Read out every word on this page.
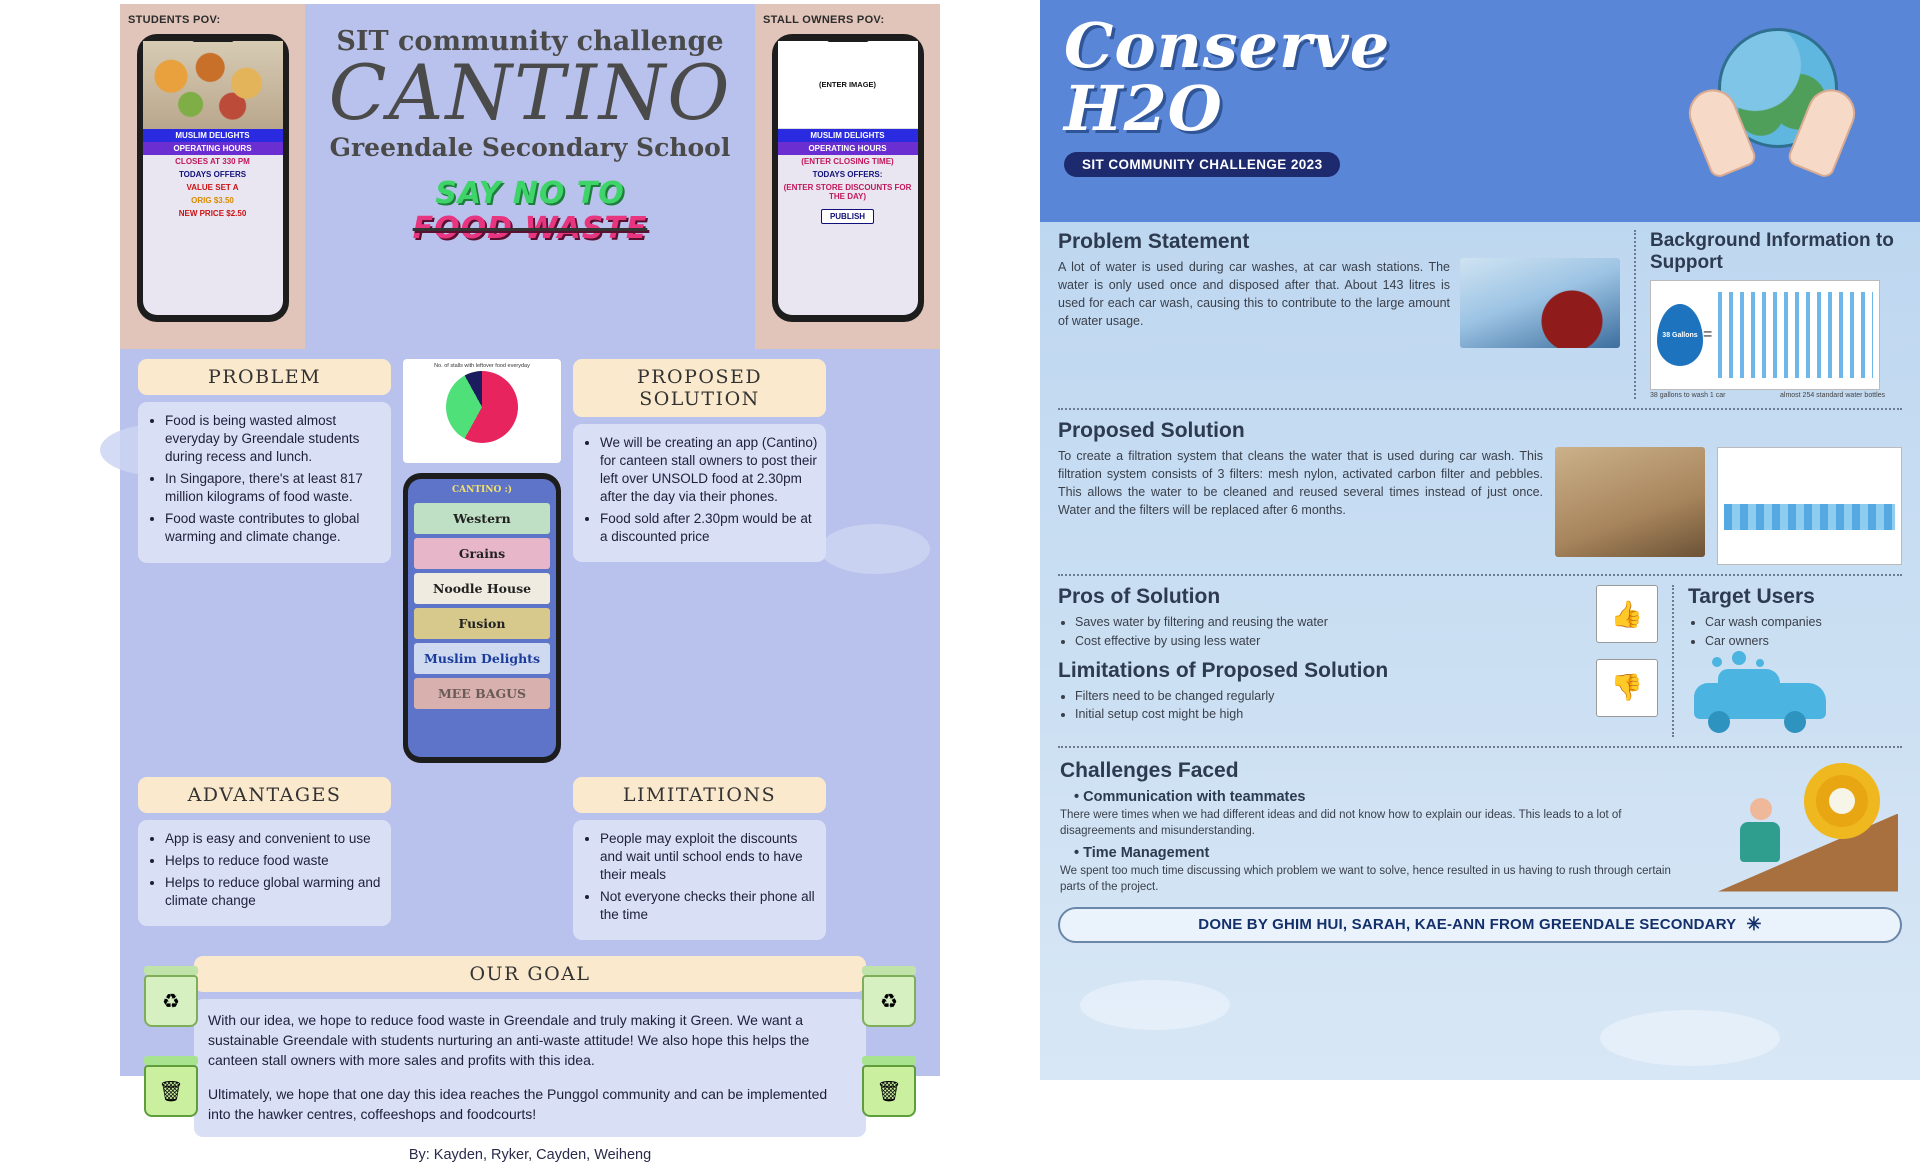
STUDENTS POV:
MUSLIM DELIGHTS
OPERATING HOURS
CLOSES AT 330 PM
TODAYS OFFERS
VALUE SET A
ORIG $3.50
NEW PRICE $2.50
SIT community challenge
CANTINO
Greendale Secondary School
SAY NO TO
FOOD WASTE
STALL OWNERS POV:
(ENTER IMAGE)
MUSLIM DELIGHTS
OPERATING HOURS
(ENTER CLOSING TIME)
TODAYS OFFERS:
(ENTER STORE DISCOUNTS FOR THE DAY)
PUBLISH
PROBLEM
• Food is being wasted almost everyday by Greendale students during recess and lunch.
• In Singapore, there's at least 817 million kilograms of food waste.
• Food waste contributes to global warming and climate change.
No. of stalls with leftover food everyday
CANTINO :)
Western
Grains
Noodle House
Fusion
Muslim Delights
MEE BAGUS
PROPOSED SOLUTION
• We will be creating an app (Cantino) for canteen stall owners to post their left over UNSOLD food at 2.30pm after the day via their phones.
• Food sold after 2.30pm would be at a discounted price
ADVANTAGES
• App is easy and convenient to use
• Helps to reduce food waste
• Helps to reduce global warming and climate change
LIMITATIONS
• People may exploit the discounts and wait until school ends to have their meals
• Not everyone checks their phone all the time
♻
🗑
♻
🗑
OUR GOAL

With our idea, we hope to reduce food waste in Greendale and truly making it Green. We want a sustainable Greendale with students nurturing an anti-waste attitude! We also hope this helps the canteen stall owners with more sales and profits with this idea.

Ultimately, we hope that one day this idea reaches the Punggol community and can be implemented into the hawker centres, coffeeshops and foodcourts!

By: Kayden, Ryker, Cayden, Weiheng
Conserve
H2O
SIT COMMUNITY CHALLENGE 2023
Problem Statement
A lot of water is used during car washes, at car wash stations. The water is only used once and disposed after that. About 143 litres is used for each car wash, causing this to contribute to the large amount of water usage.
Background Information to Support
38 Gallons =
38 gallons to wash 1 car	almost 254 standard water bottles
Proposed Solution
To create a filtration system that cleans the water that is used during car wash. This filtration system consists of 3 filters: mesh nylon, activated carbon filter and pebbles. This allows the water to be cleaned and reused several times instead of just once. Water and the filters will be replaced after 6 months.
Pros of Solution
• Saves water by filtering and reusing the water
• Cost effective by using less water
👍
Limitations of Proposed Solution
• Filters need to be changed regularly
• Initial setup cost might be high
👎
Target Users
• Car wash companies
• Car owners
Challenges Faced
• Communication with teammates
There were times when we had different ideas and did not know how to explain our ideas. This leads to a lot of disagreements and misunderstanding.
• Time Management
We spent too much time discussing which problem we want to solve, hence resulted in us having to rush through certain parts of the project.
DONE BY GHIM HUI, SARAH, KAE-ANN FROM GREENDALE SECONDARY ✳
